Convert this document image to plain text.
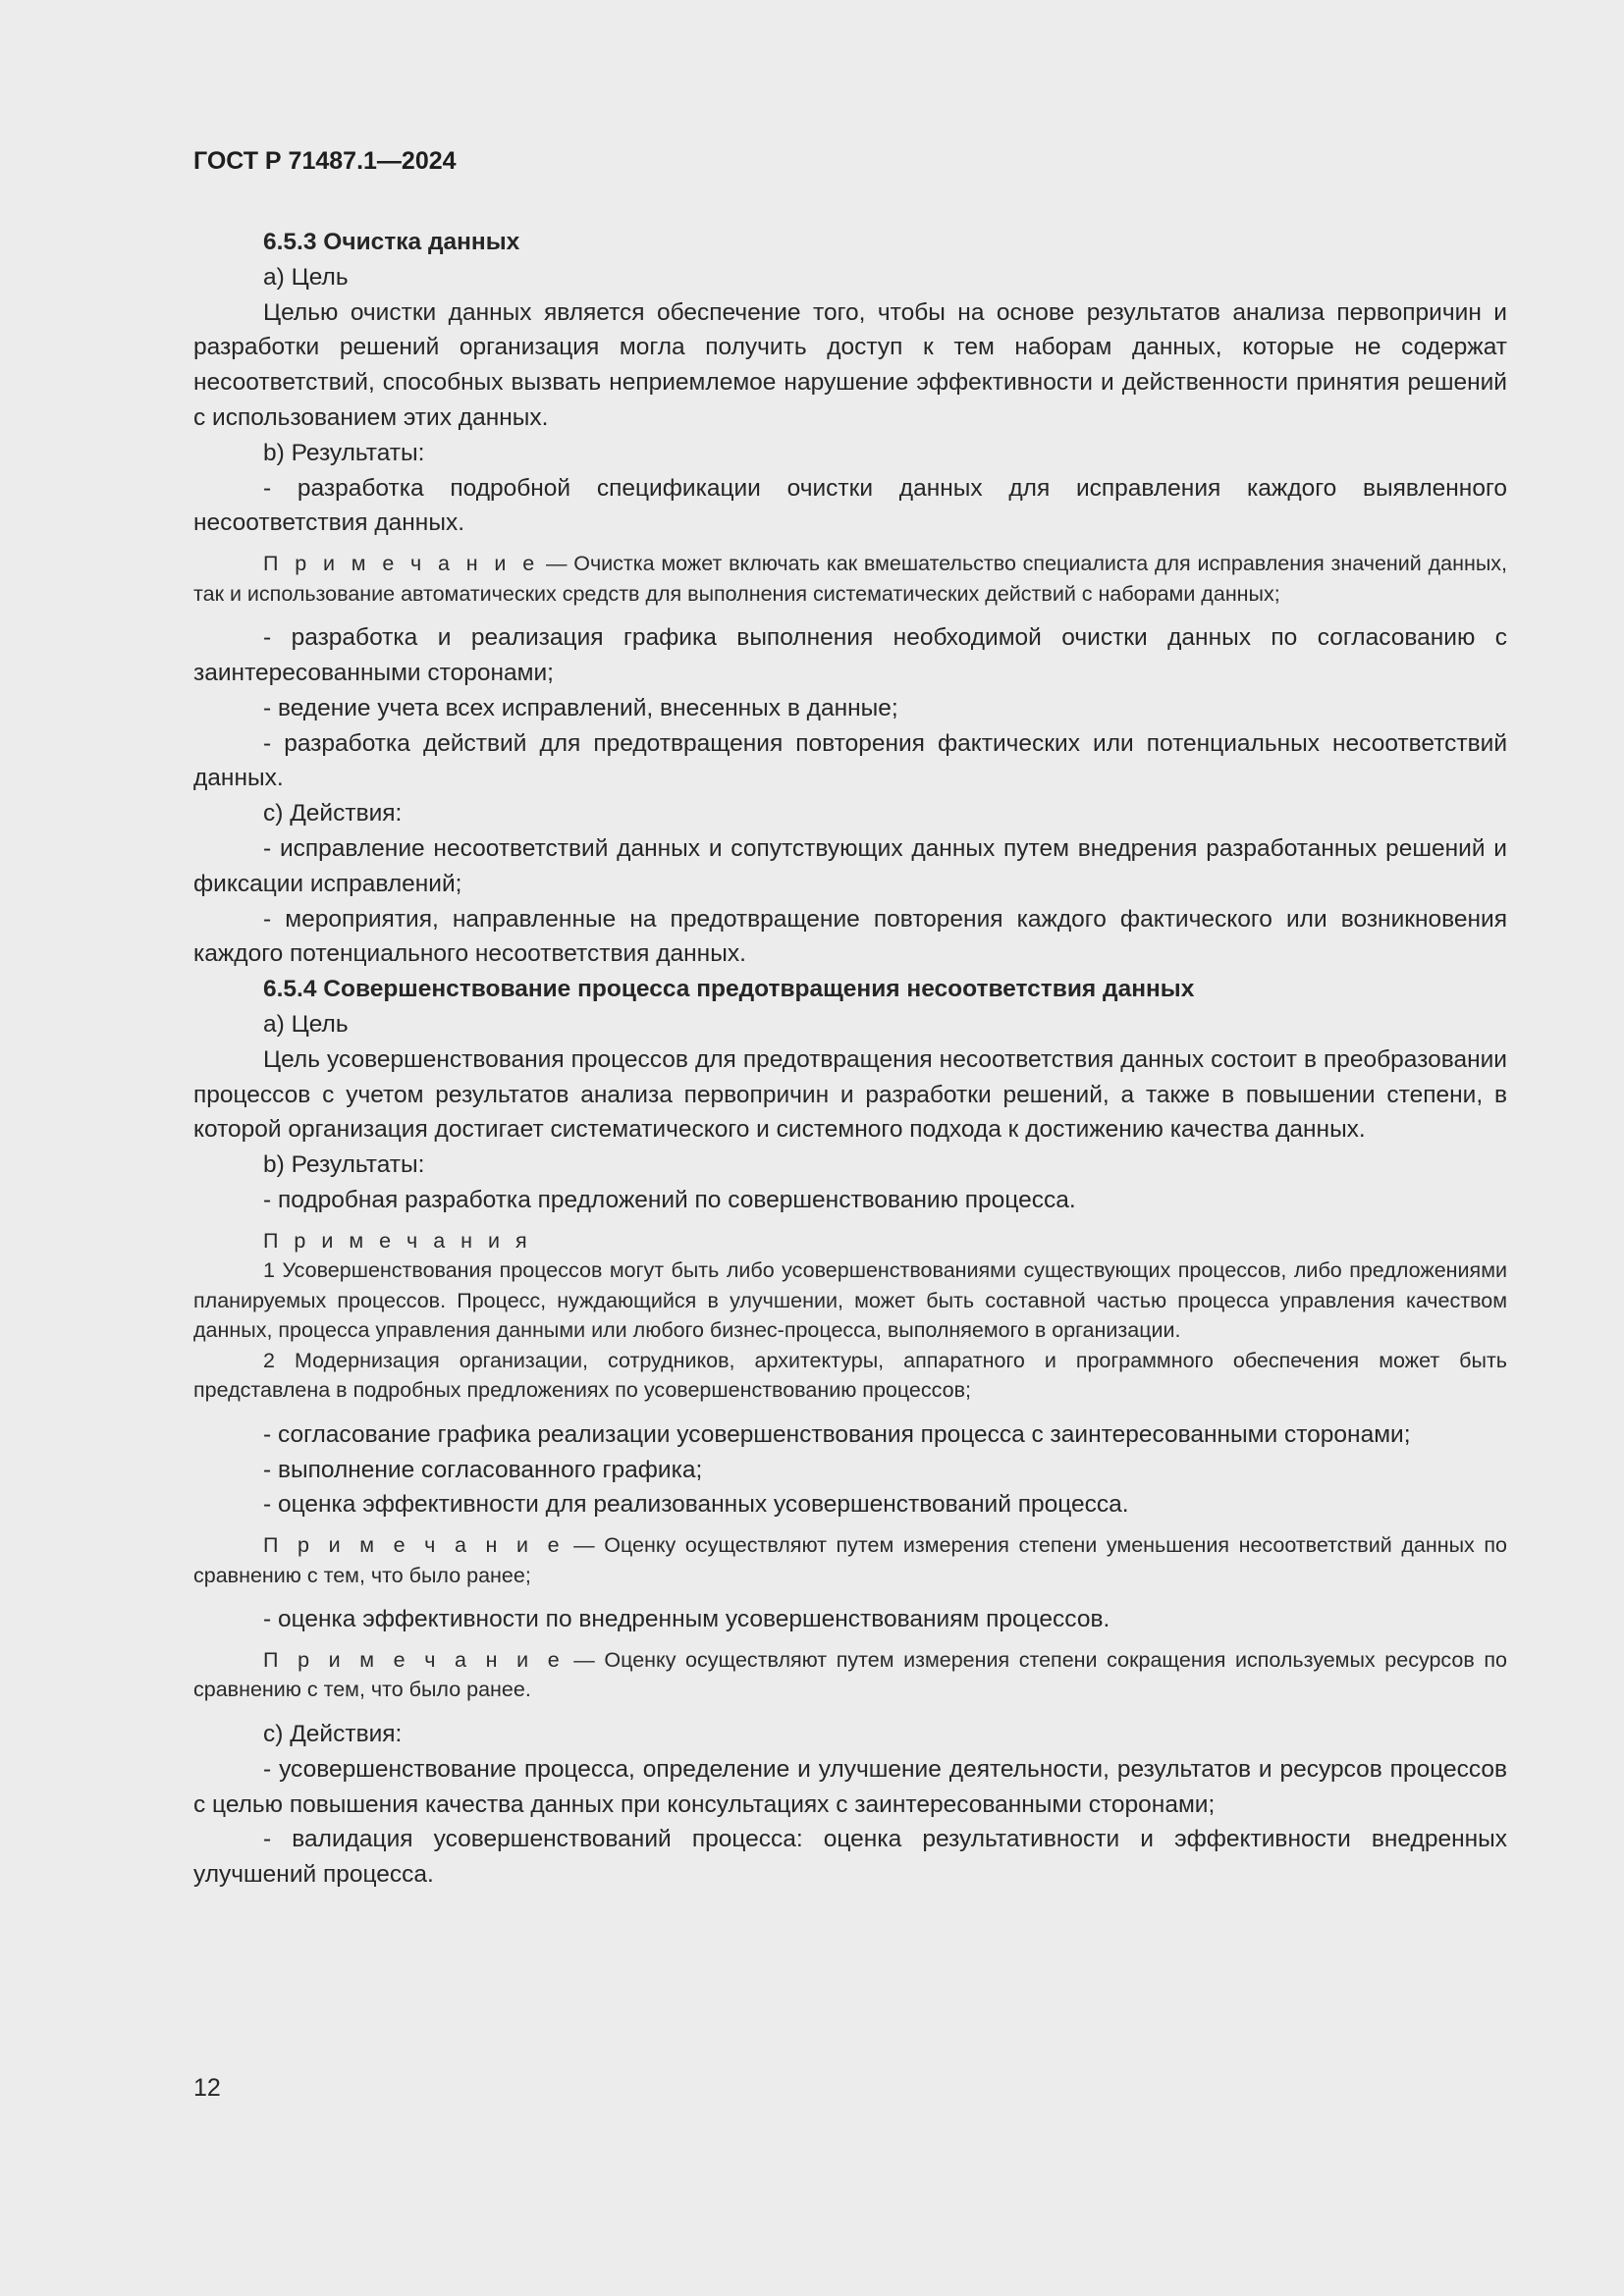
ГОСТ Р 71487.1—2024

6.5.3 Очистка данных

a) Цель

Целью очистки данных является обеспечение того, чтобы на основе результатов анализа первопричин и разработки решений организация могла получить доступ к тем наборам данных, которые не содержат несоответствий, способных вызвать неприемлемое нарушение эффективности и действенности принятия решений с использованием этих данных.

b) Результаты:

- разработка подробной спецификации очистки данных для исправления каждого выявленного несоответствия данных.

П р и м е ч а н и е — Очистка может включать как вмешательство специалиста для исправления значений данных, так и использование автоматических средств для выполнения систематических действий с наборами данных;

- разработка и реализация графика выполнения необходимой очистки данных по согласованию с заинтересованными сторонами;

- ведение учета всех исправлений, внесенных в данные;

- разработка действий для предотвращения повторения фактических или потенциальных несоответствий данных.

c) Действия:

- исправление несоответствий данных и сопутствующих данных путем внедрения разработанных решений и фиксации исправлений;

- мероприятия, направленные на предотвращение повторения каждого фактического или возникновения каждого потенциального несоответствия данных.

6.5.4 Совершенствование процесса предотвращения несоответствия данных

a) Цель

Цель усовершенствования процессов для предотвращения несоответствия данных состоит в преобразовании процессов с учетом результатов анализа первопричин и разработки решений, а также в повышении степени, в которой организация достигает систематического и системного подхода к достижению качества данных.

b) Результаты:

- подробная разработка предложений по совершенствованию процесса.

П р и м е ч а н и я

1 Усовершенствования процессов могут быть либо усовершенствованиями существующих процессов, либо предложениями планируемых процессов. Процесс, нуждающийся в улучшении, может быть составной частью процесса управления качеством данных, процесса управления данными или любого бизнес-процесса, выполняемого в организации.

2 Модернизация организации, сотрудников, архитектуры, аппаратного и программного обеспечения может быть представлена в подробных предложениях по усовершенствованию процессов;

- согласование графика реализации усовершенствования процесса с заинтересованными сторонами;

- выполнение согласованного графика;

- оценка эффективности для реализованных усовершенствований процесса.

П р и м е ч а н и е — Оценку осуществляют путем измерения степени уменьшения несоответствий данных по сравнению с тем, что было ранее;

- оценка эффективности по внедренным усовершенствованиям процессов.

П р и м е ч а н и е — Оценку осуществляют путем измерения степени сокращения используемых ресурсов по сравнению с тем, что было ранее.

c) Действия:

- усовершенствование процесса, определение и улучшение деятельности, результатов и ресурсов процессов с целью повышения качества данных при консультациях с заинтересованными сторонами;

- валидация усовершенствований процесса: оценка результативности и эффективности внедренных улучшений процесса.

12
